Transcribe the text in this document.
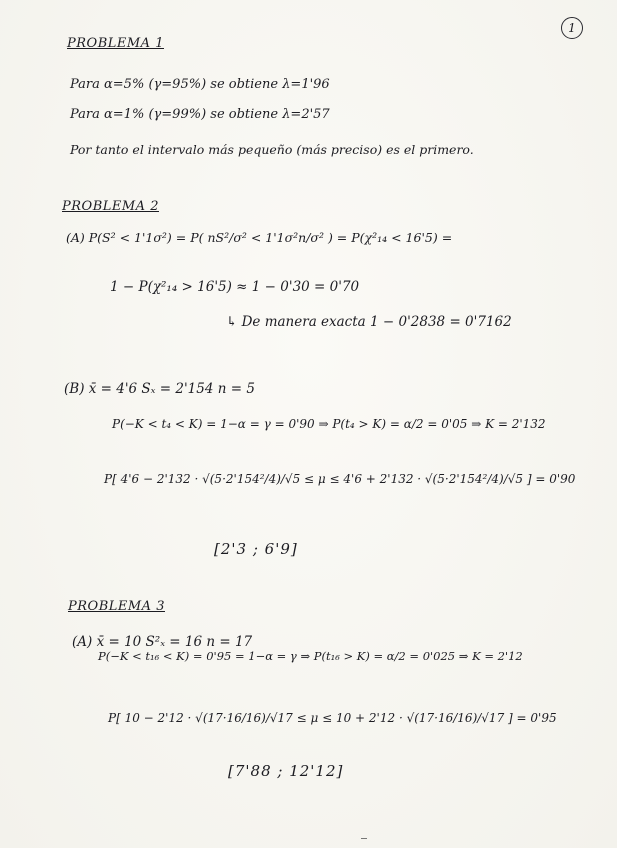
1
PROBLEMA 1
Para α=5% (γ=95%) se obtiene λ=1'96
Para α=1% (γ=99%) se obtiene λ=2'57
Por tanto el intervalo más pequeño (más preciso) es el primero.
PROBLEMA 2
(A) P(S² < 1'1σ²) = P( nS²/σ² < 1'1σ²n/σ² ) = P(χ²₁₄ < 16'5) =
1 − P(χ²₁₄ > 16'5) ≈ 1 − 0'30 = 0'70
↳ De manera exacta 1 − 0'2838 = 0'7162
(B) x̄ = 4'6 Sₓ = 2'154 n = 5
P(−K < t₄ < K) = 1−α = γ = 0'90 ⇒ P(t₄ > K) = α/2 = 0'05 ⇒ K = 2'132
P[ 4'6 − 2'132 · √(5·2'154²/4)/√5 ≤ μ ≤ 4'6 + 2'132 · √(5·2'154²/4)/√5 ] = 0'90
[2'3 ; 6'9]
PROBLEMA 3
(A) x̄ = 10 S²ₓ = 16 n = 17
P(−K < t₁₆ < K) = 0'95 = 1−α = γ ⇒ P(t₁₆ > K) = α/2 = 0'025 ⇒ K = 2'12
P[ 10 − 2'12 · √(17·16/16)/√17 ≤ μ ≤ 10 + 2'12 · √(17·16/16)/√17 ] = 0'95
[7'88 ; 12'12]
